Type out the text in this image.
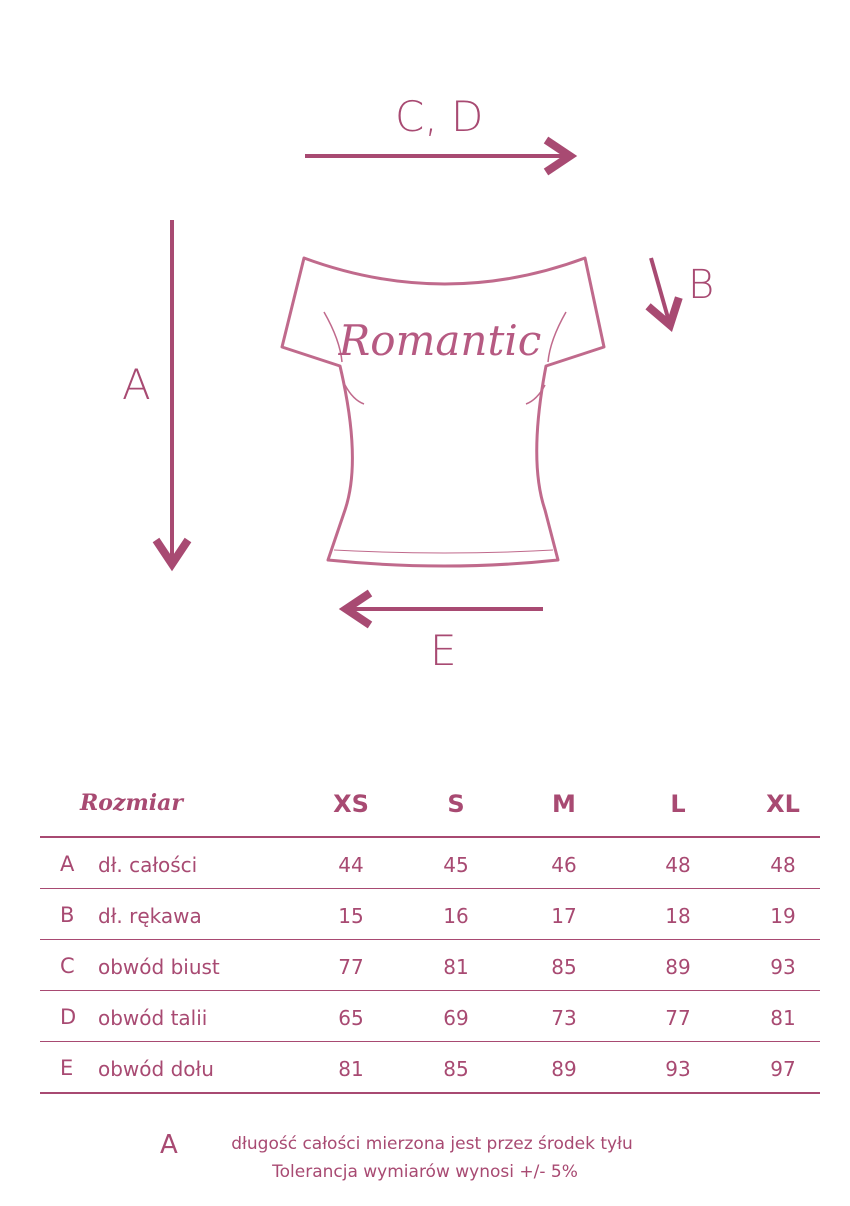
Romantic
C, D
B
A
E
Rozmiar	XS	S	M	L	XL
A dł. całości	44	45	46	48	48
B dł. rękawa	15	16	17	18	19
C obwód biust	77	81	85	89	93
D obwód talii	65	69	73	77	81
E obwód dołu	81	85	89	93	97
A	długość całości mierzona jest przez środek tyłu
Tolerancja wymiarów wynosi +/- 5%
